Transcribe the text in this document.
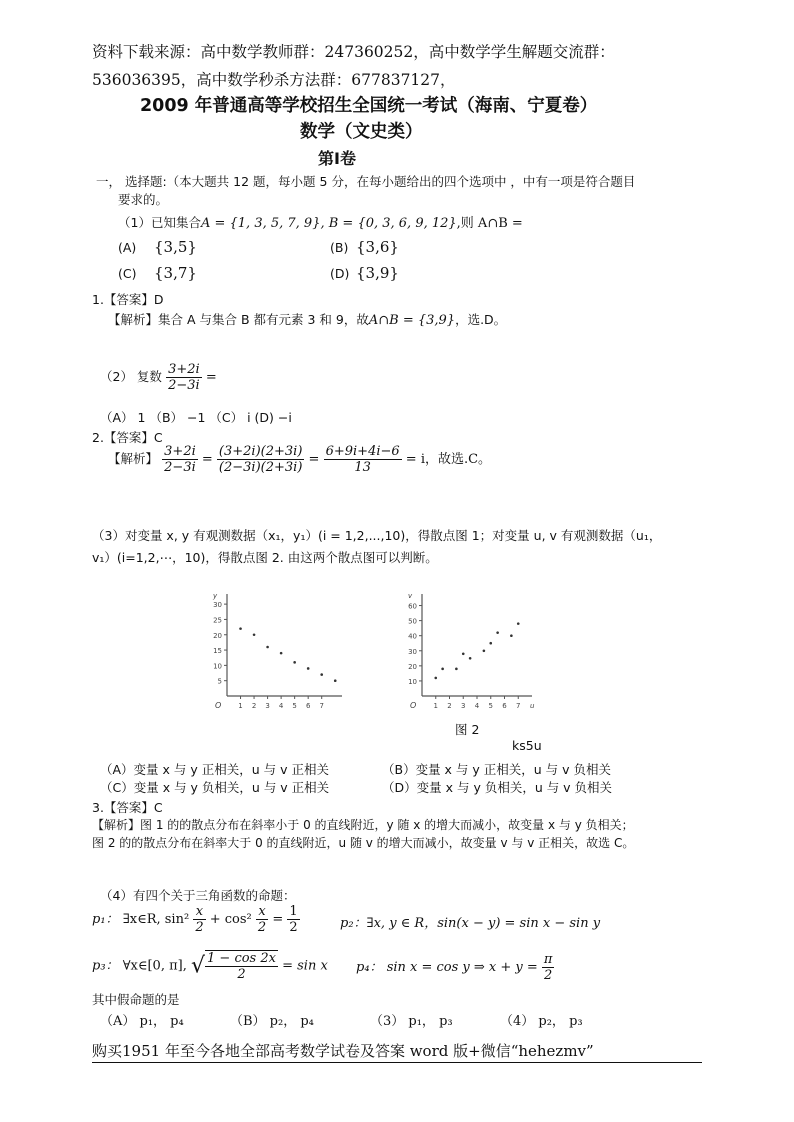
资料下载来源：高中数学教师群：247360252，高中数学学生解题交流群：
536036395，高中数学秒杀方法群：677837127，
2009 年普通高等学校招生全国统一考试（海南、宁夏卷）
数学（文史类）
第Ⅰ卷
一， 选择题:（本大题共 12 题，每小题 5 分，在每小题给出的四个选项中 ，中有一项是符合题目
要求的。
（1）已知集合A = {1, 3, 5, 7, 9}, B = {0, 3, 6, 9, 12},则 A∩B =
(A) {3,5}	(B) {3,6}
(C) {3,7}	(D) {3,9}
1.【答案】D
【解析】集合 A 与集合 B 都有元素 3 和 9，故A∩B = {3,9}，选.D。
（2） 复数 $\frac{3+2i}{2-3i}$ =
（A） 1 （B） −1 （C） i (D) −i
2.【答案】C
【解析】 $\frac{3+2i}{2-3i} = \frac{(3+2i)(2+3i)}{(2-3i)(2+3i)} = \frac{6+9i+4i-6}{13} = i$，故选.C。
（3）对变量 x, y 有观测数据（x₁，y₁）(i = 1,2,...,10)，得散点图 1；对变量 u, v 有观测数据（u₁，
v₁）(i=1,2,⋯，10)，得散点图 2. 由这两个散点图可以判断。
5
10
15
20
25
30
1 2 3 4 5 6 7
O
y
10
20
30
40
50
60
1 2 3 4 5 6 7
O
v
u
图 2
ks5u
（A）变量 x 与 y 正相关，u 与 v 正相关	（B）变量 x 与 y 正相关，u 与 v 负相关
（C）变量 x 与 y 负相关，u 与 v 正相关	（D）变量 x 与 y 负相关，u 与 v 负相关
3.【答案】C
【解析】图 1 的的散点分布在斜率小于 0 的直线附近，y 随 x 的增大而减小，故变量 x 与 y 负相关；
图 2 的的散点分布在斜率大于 0 的直线附近，u 随 v 的增大而减小，故变量 v 与 v 正相关，故选 C。
（4）有四个关于三角函数的命题：
p₁： ∃x∈R, $\sin^2 \frac{x}{2} + \cos^2 \frac{x}{2} = \frac{1}{2}$	p₂：∃x, y ∈ R，sin(x − y) = sin x − sin y
p₃： ∀x∈[0, π], √ $\frac{1 - \cos 2x}{2} = \sin x$ p₄： sin x = cos y ⇒ $x + y = \frac{\pi}{2}$
其中假命题的是
（A） p₁， p₄	（B） p₂， p₄	（3） p₁， p₃	（4） p₂， p₃
购买1951 年至今各地全部高考数学试卷及答案 word 版+微信“hehezmv”
